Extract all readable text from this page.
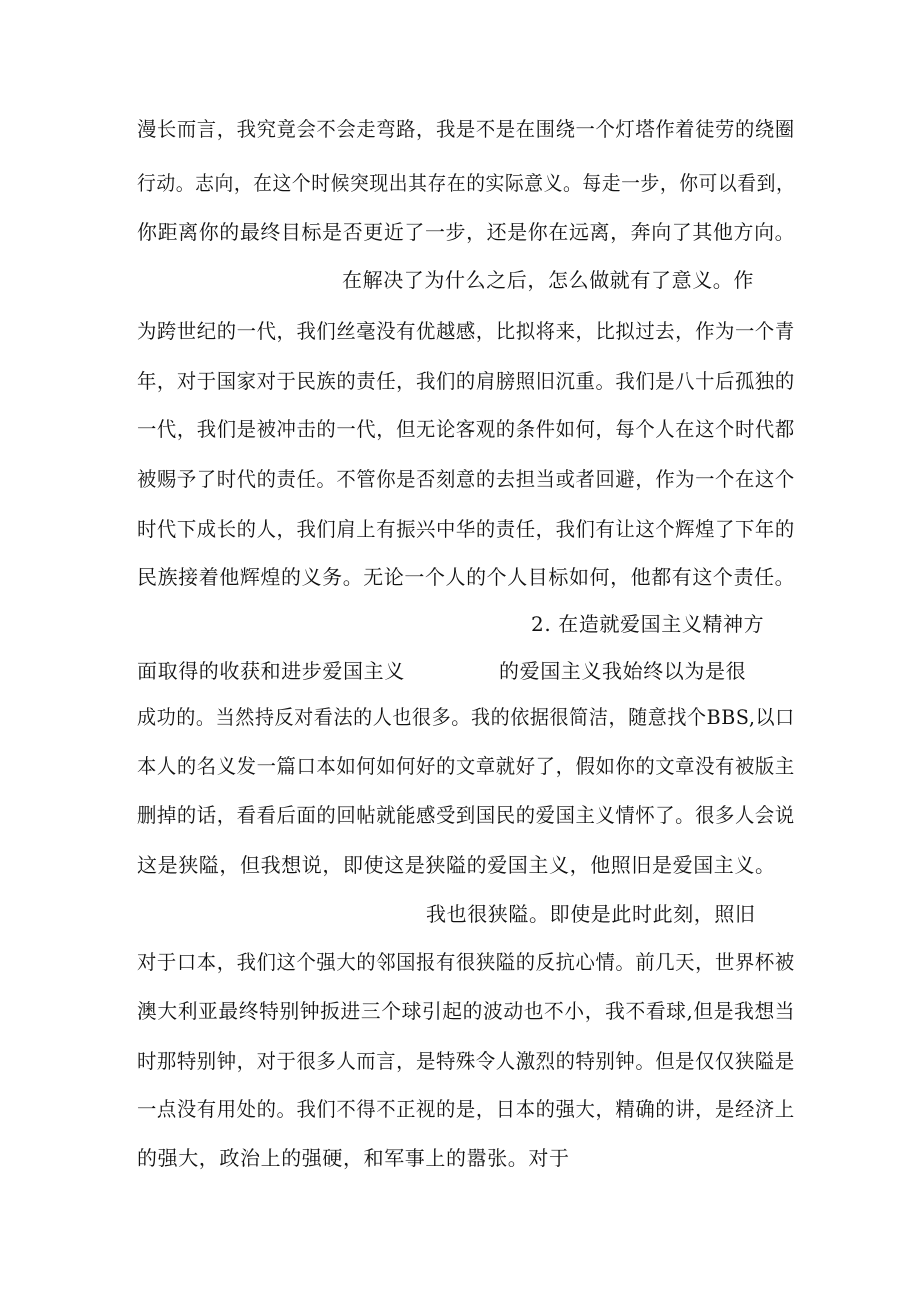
漫长而言，我究竟会不会走弯路，我是不是在围绕一个灯塔作着徒劳的绕圈
行动。志向，在这个时候突现出其存在的实际意义。每走一步，你可以看到，
你距离你的最终目标是否更近了一步，还是你在远离，奔向了其他方向。
在解决了为什么之后，怎么做就有了意义。作
为跨世纪的一代，我们丝毫没有优越感，比拟将来，比拟过去，作为一个青
年，对于国家对于民族的责任，我们的肩膀照旧沉重。我们是八十后孤独的
一代，我们是被冲击的一代，但无论客观的条件如何，每个人在这个时代都
被赐予了时代的责任。不管你是否刻意的去担当或者回避，作为一个在这个
时代下成长的人，我们肩上有振兴中华的责任，我们有让这个辉煌了下年的
民族接着他辉煌的义务。无论一个人的个人目标如何，他都有这个责任。
2. 在造就爱国主义精神方
面取得的收获和进步爱国主义	的爱国主义我始终以为是很
成功的。当然持反对看法的人也很多。我的依据很简洁，随意找个BBS,以口
本人的名义发一篇口本如何如何好的文章就好了，假如你的文章没有被版主
删掉的话，看看后面的回帖就能感受到国民的爱国主义情怀了。很多人会说
这是狭隘，但我想说，即使这是狭隘的爱国主义，他照旧是爱国主义。
我也很狭隘。即使是此时此刻，照旧
对于口本，我们这个强大的邻国报有很狭隘的反抗心情。前几天，世界杯被
澳大利亚最终特别钟扳进三个球引起的波动也不小，我不看球,但是我想当
时那特别钟，对于很多人而言，是特殊令人激烈的特别钟。但是仅仅狭隘是
一点没有用处的。我们不得不正视的是，日本的强大，精确的讲，是经济上
的强大，政治上的强硬，和军事上的嚣张。对于
